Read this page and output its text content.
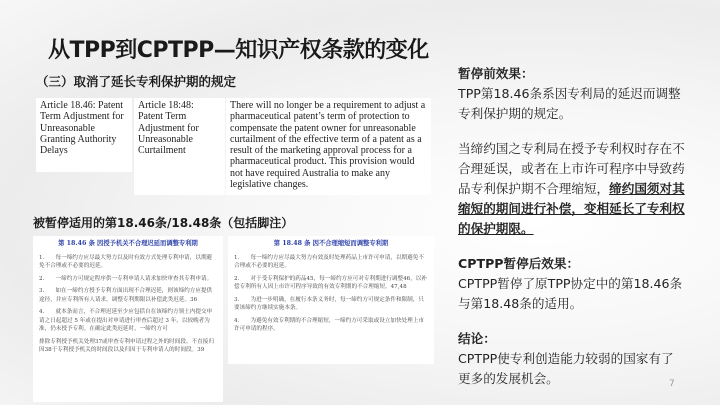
从TPP到CPTPP—知识产权条款的变化
（三）取消了延长专利保护期的规定
Article 18.46: Patent Term Adjustment for Unreasonable Granting Authority Delays
Article 18:48: Patent Term Adjustment for Unreasonable Curtailment
There will no longer be a requirement to adjust a pharmaceutical patent’s term of protection to compensate the patent owner for unreasonable curtailment of the effective term of a patent as a result of the marketing approval process for a pharmaceutical product. This provision would not have required Australia to make any legislative changes.
被暂停适用的第18.46条/18.48条（包括脚注）
第 18.46 条 因授予机关不合理迟延而调整专利期

1.　　每一缔约方应尽最大努力以及时有效方式处理专利申请，以期避免不合理或不必要的迟延。

2.　　一缔约方可规定程序供一专利申请人请求加快审查其专利申请。

3.　　如在一缔约方授予专利方面出现不合理迟延，则该缔约方应提供途径，并应专利所有人请求，调整专利期限以补偿此类迟延。36

4.　　就本条而言，不合理迟延至少应包括自在该缔约方领土内提交申请之日起超过 5 年或在提出对申请进行审查后超过 3 年，以较晚者为准，仍未授予专利。在确定此类迟延时，一缔约方可

排除专利授予机关处理37或审查专利申请过程之外的时间段、不直接归因38于专利授予机关的时间段以及归因于专利申请人的时间段。39

第 18.48 条 因不合理缩短而调整专利期

1.　　每一缔约方应尽最大努力有效及时处理药品上市许可申请，以期避免不合理或不必要的迟延。

2.　　对于受专利保护的药品45，每一缔约方应可对专利期进行调整46，以补偿专利所有人因上市许可程序导致的有效专利期的不合理缩短。47,48

3.　　为进一步明确，在履行本条义务时，每一缔约方可规定条件和限制，只要该缔约方继续实施本条。

4.　　为避免有效专利期的不合理缩短，一缔约方可采取或设立加快处理上市许可申请的程序。

暂停前效果：
TPP第18.46条系因专利局的延迟而调整专利保护期的规定。
当缔约国之专利局在授予专利权时存在不合理延误，或者在上市许可程序中导致药品专利保护期不合理缩短，缔约国须对其缩短的期间进行补偿，变相延长了专利权的保护期限。
CPTPP暂停后效果：
CPTPP暂停了原TPP协定中的第18.46条与第18.48条的适用。
结论：
CPTPP使专利创造能力较弱的国家有了更多的发展机会。	7
